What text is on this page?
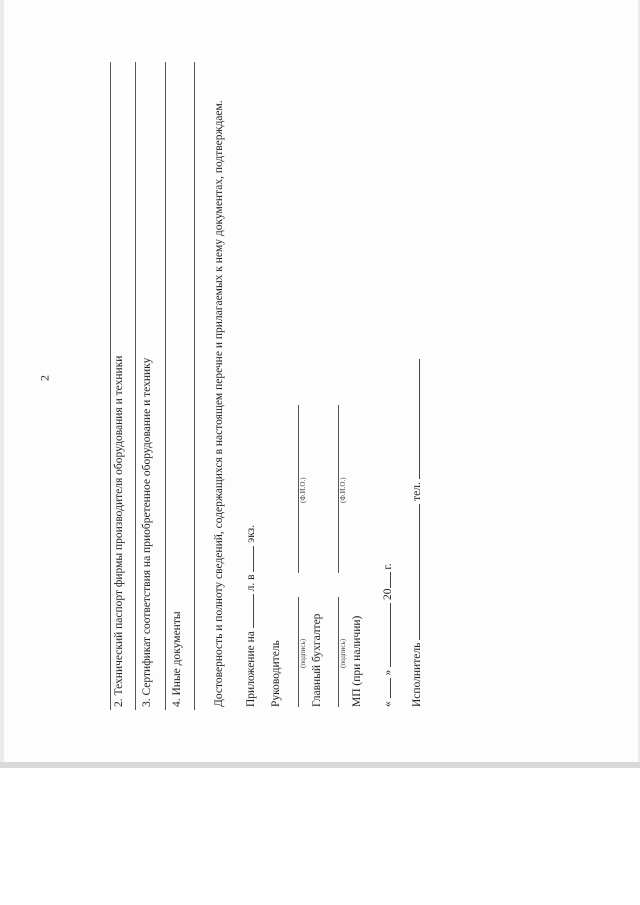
2	2. Технический паспорт фирмы производителя оборудования и техники 3. Сертификат соответствия на приобретенное оборудование и технику 4. Иные документы	Достоверность и полноту сведений, содержащихся в настоящем перечне и прилагаемых к нему документах, подтверждаем. Приложение на  л. в  экз.
Руководитель (подпись)
(Ф.И.О.)
Главный бухгалтер (подпись)
(Ф.И.О.)
МП (при наличии) «  »  20 г.
Исполнитель  тел.
